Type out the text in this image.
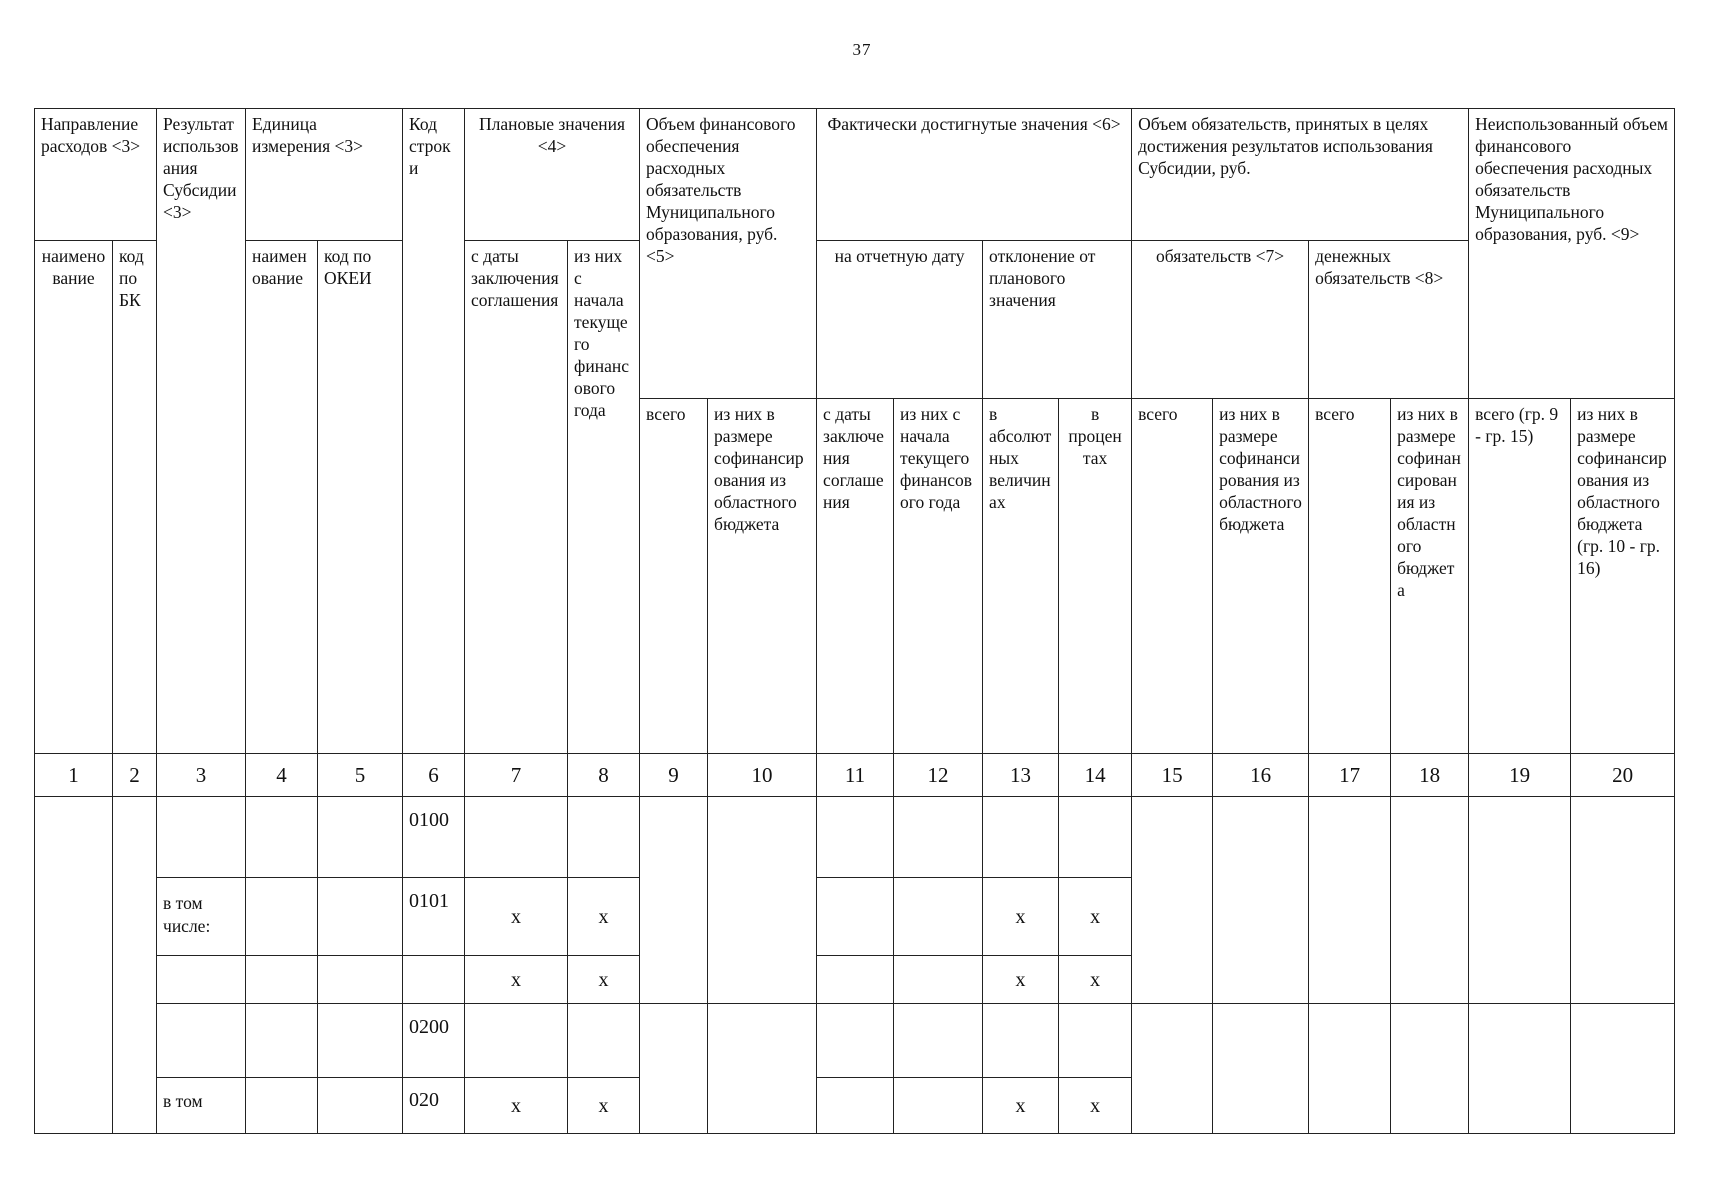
37
Направление расходов <3>		Результат использования Субсидии <3>	Единица измерения <3>		Код строки	Плановые значения <4>		Объем финансового обеспечения расходных обязательств Муниципального образования, руб. <5>		Фактически достигнутые значения <6>				Объем обязательств, принятых в целях достижения результатов использования Субсидии, руб.				Неиспользованный объем финансового обеспечения расходных обязательств Муниципального образования, руб. <9>	
наименование	код по БК		наименование	код по ОКЕИ		с даты заключения соглашения	из них с начала текущего финансового года			на отчетную дату		отклонение от планового значения		обязательств <7>		денежных обязательств <8>			
								всего	из них в размере софинансирования из областного бюджета	с даты заключения соглашения	из них с начала текущего финансового года	в абсолютных величинах	в процентах	всего	из них в размере софинансирования из областного бюджета	всего	из них в размере софинансирования из областного бюджета	всего (гр. 9 - гр. 15)	из них в размере софинансирования из областного бюджета (гр. 10 - гр. 16)
1	2	3	4	5	6	7	8	9	10	11	12	13	14	15	16	17	18	19	20
					0100														
		в том числе:			0101	x	x					x	x						
						x	x					x	x						
					0200														
		в том			020	x	x					x	x						
